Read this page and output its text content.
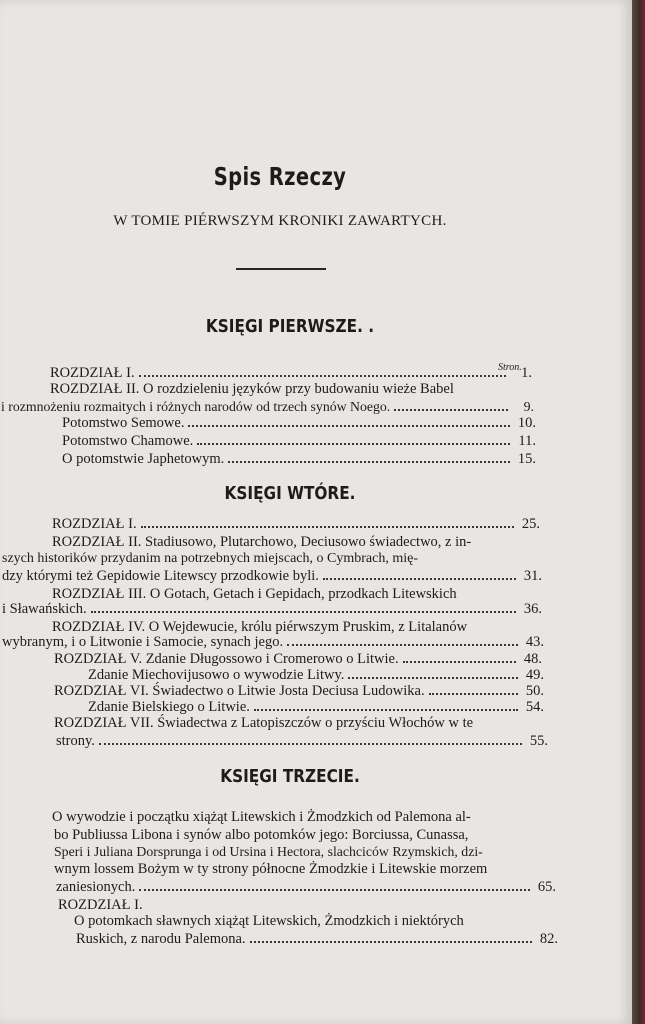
Spis Rzeczy
W TOMIE PIÉRWSZYM KRONIKI ZAWARTYCH.
KSIĘGI PIERWSZE. .
Stron.
ROZDZIAŁ I.	1.
ROZDZIAŁ II. O rozdzieleniu języków przy budowaniu wieże Babel
i rozmnożeniu rozmaitych i różnych narodów od trzech synów Noego.	9.
Potomstwo Semowe.	10.
Potomstwo Chamowe.	11.
O potomstwie Japhetowym.	15.
KSIĘGI WTÓRE.
ROZDZIAŁ I.	25.
ROZDZIAŁ II. Stadiusowo, Plutarchowo, Deciusowo świadectwo, z in-
szych historików przydanim na potrzebnych miejscach, o Cymbrach, mię-
dzy którymi też Gepidowie Litewscy przodkowie byli.	31.
ROZDZIAŁ III. O Gotach, Getach i Gepidach, przodkach Litewskich
i Sławańskich.	36.
ROZDZIAŁ IV. O Wejdewucie, królu piérwszym Pruskim, z Litalanów
wybranym, i o Litwonie i Samocie, synach jego.	43.
ROZDZIAŁ V. Zdanie Długossowo i Cromerowo o Litwie.	48.
Zdanie Miechovijusowo o wywodzie Litwy.	49.
ROZDZIAŁ VI. Świadectwo o Litwie Josta Deciusa Ludowika.	50.
Zdanie Bielskiego o Litwie.	54.
ROZDZIAŁ VII. Świadectwa z Latopiszczów o przyściu Włochów w te
strony.	55.
KSIĘGI TRZECIE.
O wywodzie i początku xiążąt Litewskich i Żmodzkich od Palemona al-
bo Publiussa Libona i synów albo potomków jego: Borciussa, Cunassa,
Speri i Juliana Dorsprunga i od Ursina i Hectora, slachciców Rzymskich, dzi-
wnym lossem Bożym w ty strony północne Żmodzkie i Litewskie morzem
zaniesionych.	65.
ROZDZIAŁ I.
O potomkach sławnych xiążąt Litewskich, Żmodzkich i niektórych
Ruskich, z narodu Palemona.	82.
